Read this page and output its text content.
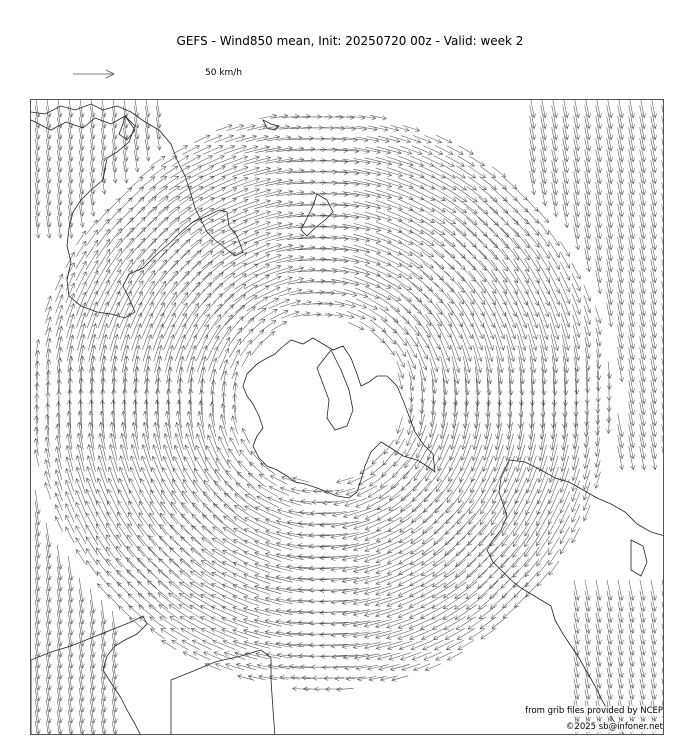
GEFS - Wind850 mean, Init: 20250720 00z - Valid: week 2
50 km/h
from grib files provided by NCEP
©2025 sb@infoner.net
